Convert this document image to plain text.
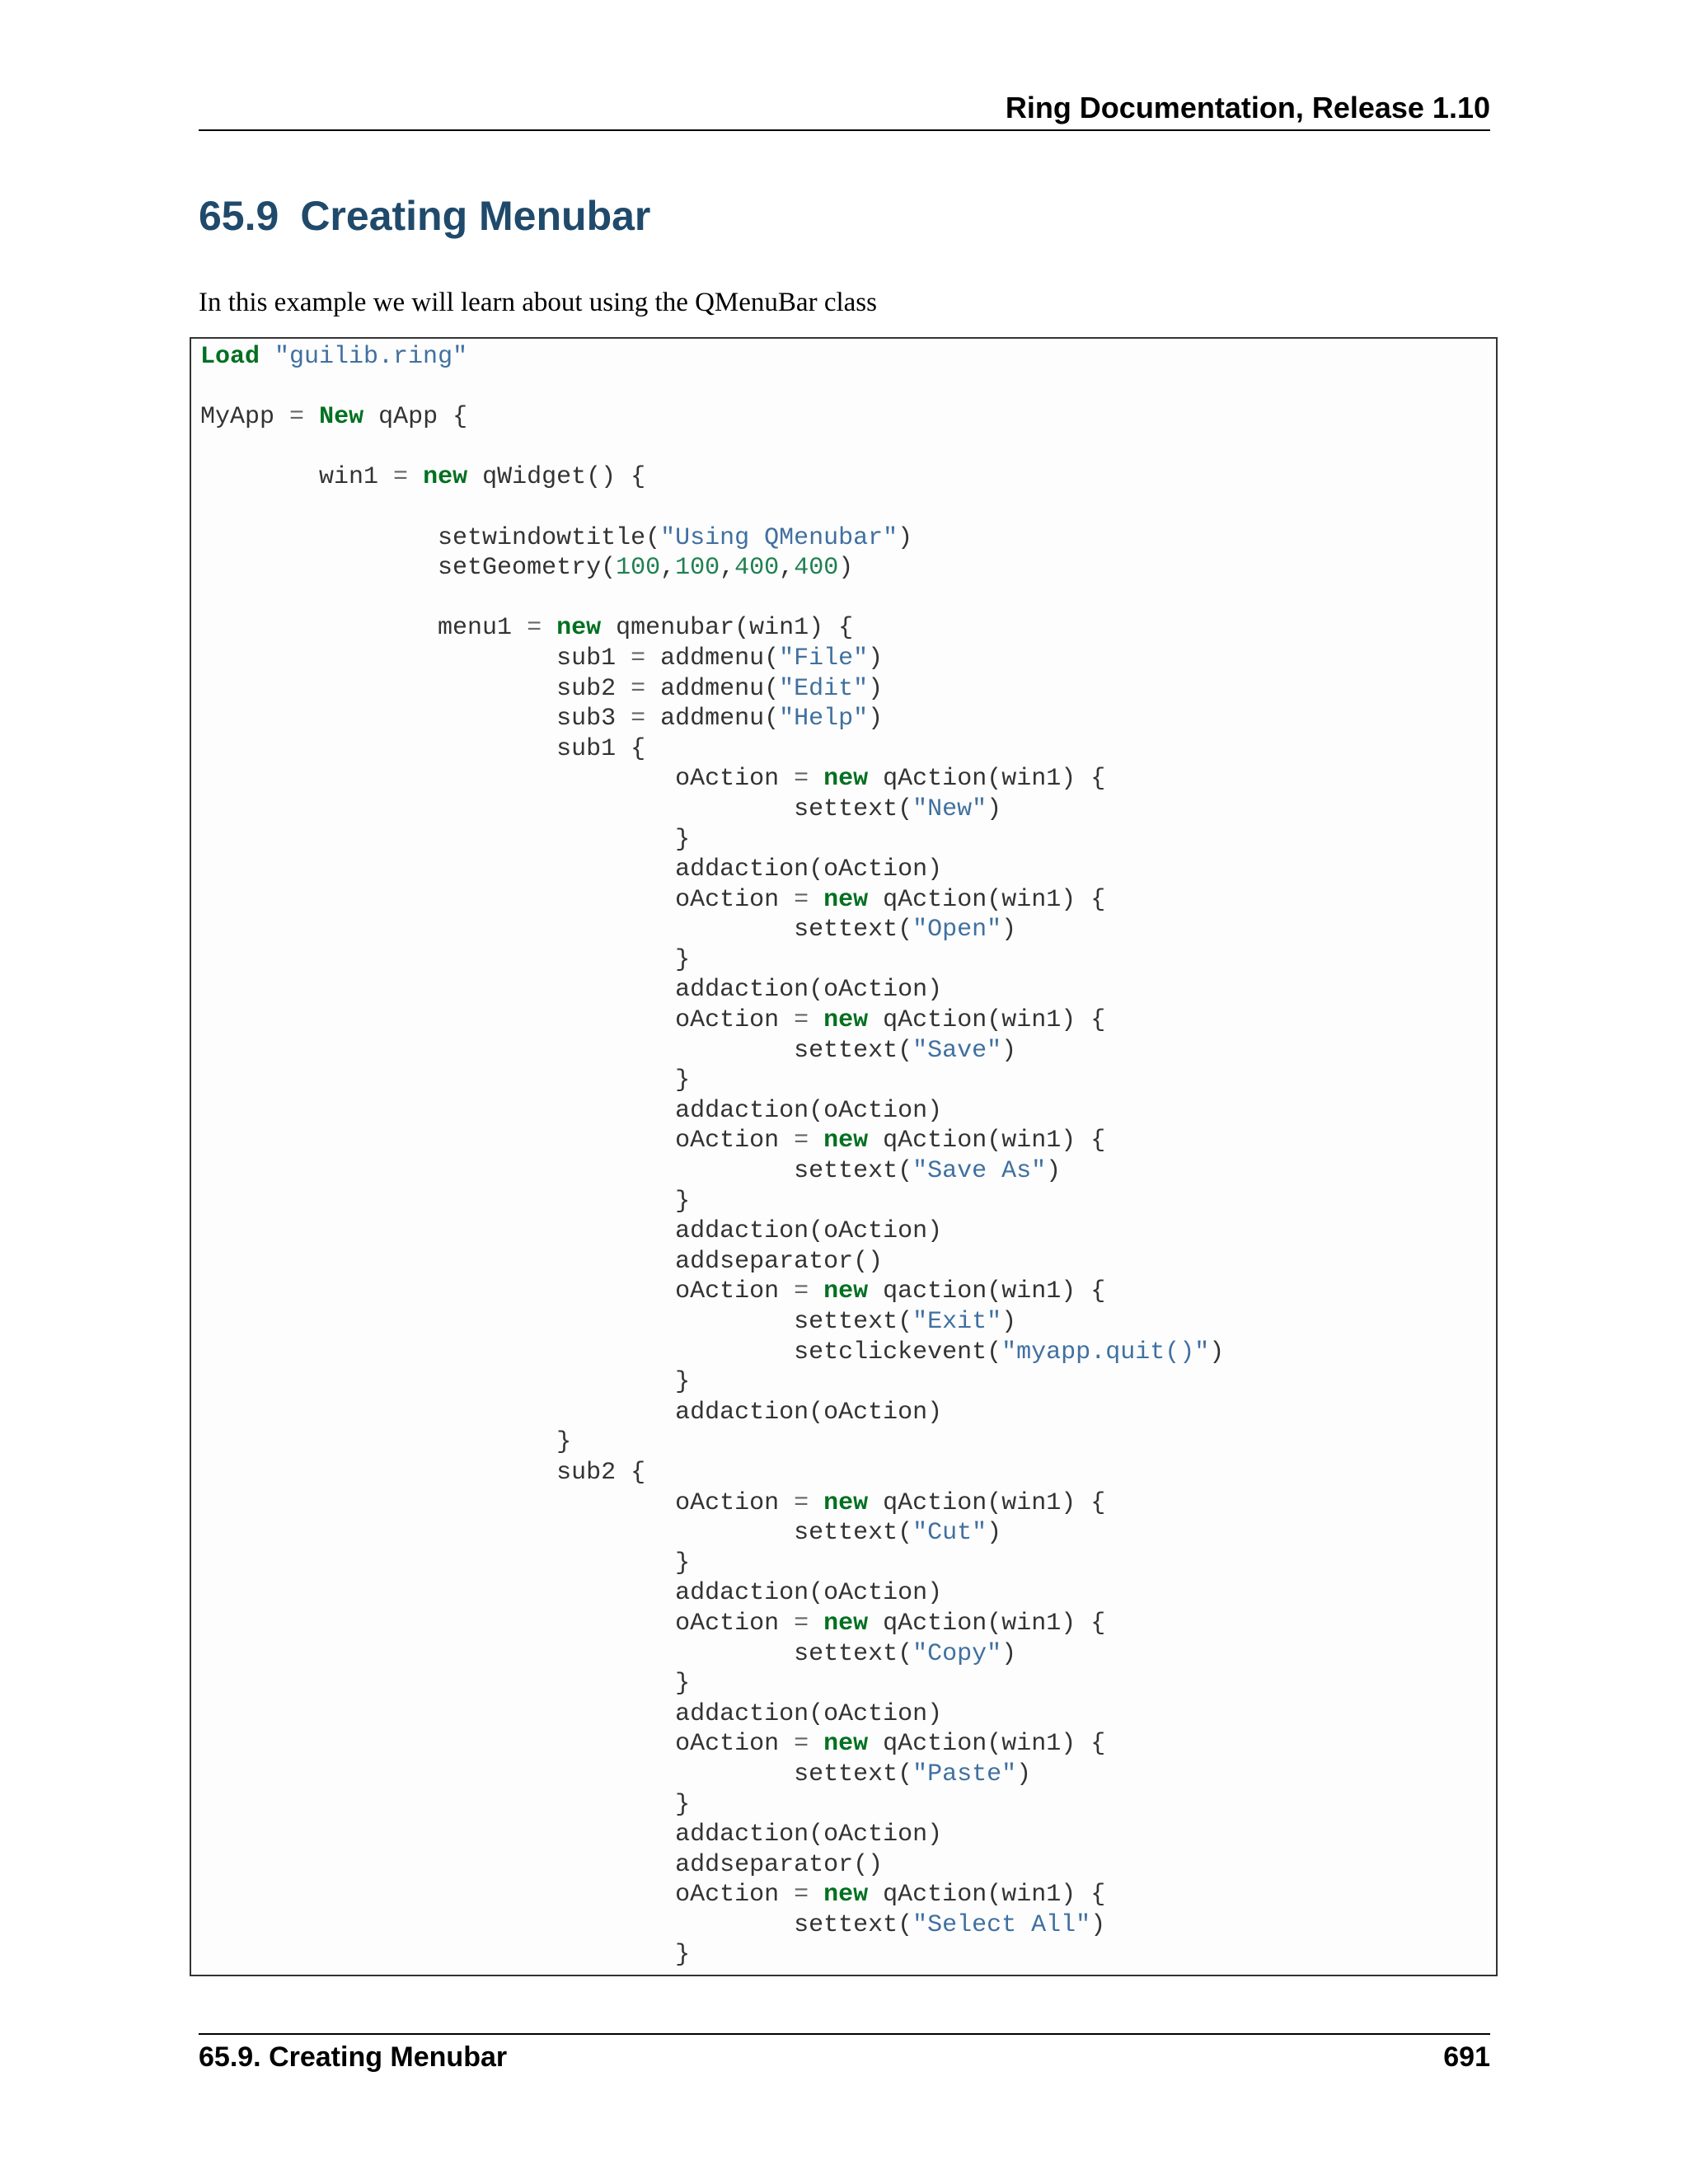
Ring Documentation, Release 1.10
65.9 Creating Menubar
In this example we will learn about using the QMenuBar class
Load "guilib.ring"

MyApp = New qApp {

win1 = new qWidget() {

setwindowtitle("Using QMenubar")
setGeometry(100,100,400,400)

menu1 = new qmenubar(win1) {
sub1 = addmenu("File")
sub2 = addmenu("Edit")
sub3 = addmenu("Help")
sub1 {
oAction = new qAction(win1) {
settext("New")
}
addaction(oAction)
oAction = new qAction(win1) {
settext("Open")
}
addaction(oAction)
oAction = new qAction(win1) {
settext("Save")
}
addaction(oAction)
oAction = new qAction(win1) {
settext("Save As")
}
addaction(oAction)
addseparator()
oAction = new qaction(win1) {
settext("Exit")
setclickevent("myapp.quit()")
}
addaction(oAction)
}
sub2 {
oAction = new qAction(win1) {
settext("Cut")
}
addaction(oAction)
oAction = new qAction(win1) {
settext("Copy")
}
addaction(oAction)
oAction = new qAction(win1) {
settext("Paste")
}
addaction(oAction)
addseparator()
oAction = new qAction(win1) {
settext("Select All")
}
65.9. Creating Menubar	691
